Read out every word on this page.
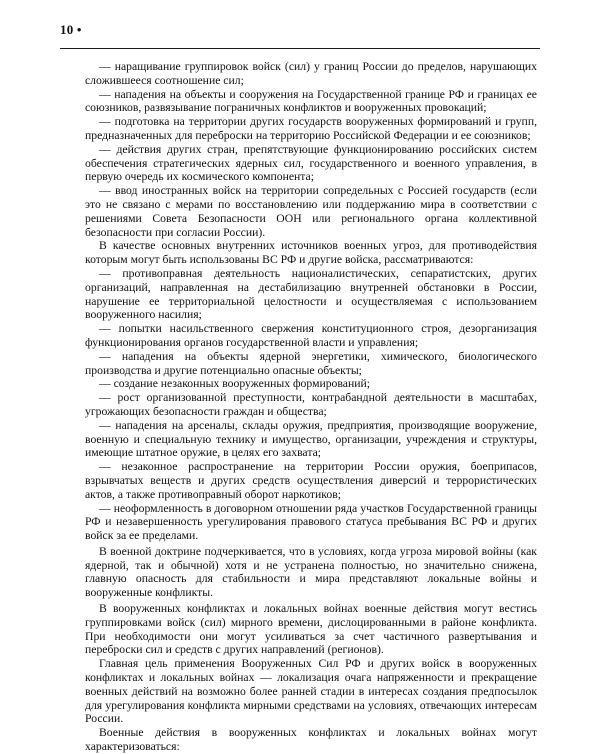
10 •

— наращивание группировок войск (сил) у границ России до пределов, нарушающих сложившееся соотношение сил;

— нападения на объекты и сооружения на Государственной границе РФ и границах ее союзников, развязывание пограничных конфликтов и вооруженных провокаций;

— подготовка на территории других государств вооруженных формирований и групп, предназначенных для переброски на территорию Российской Федерации и ее союзников;

— действия других стран, препятствующие функционированию российских систем обеспечения стратегических ядерных сил, государственного и военного управления, в первую очередь их космического компонента;

— ввод иностранных войск на территории сопредельных с Россией государств (если это не связано с мерами по восстановлению или поддержанию мира в соответствии с решениями Совета Безопасности ООН или регионального органа коллективной безопасности при согласии России).

В качестве основных внутренних источников военных угроз, для противодействия которым могут быть использованы ВС РФ и другие войска, рассматриваются:

— противоправная деятельность националистических, сепаратистских, других организаций, направленная на дестабилизацию внутренней обстановки в России, нарушение ее территориальной целостности и осуществляемая с использованием вооруженного насилия;

— попытки насильственного свержения конституционного строя, дезорганизация функционирования органов государственной власти и управления;

— нападения на объекты ядерной энергетики, химического, биологического производства и другие потенциально опасные объекты;

— создание незаконных вооруженных формирований;

— рост организованной преступности, контрабандной деятельности в масштабах, угрожающих безопасности граждан и общества;

— нападения на арсеналы, склады оружия, предприятия, производящие вооружение, военную и специальную технику и имущество, организации, учреждения и структуры, имеющие штатное оружие, в целях его захвата;

— незаконное распространение на территории России оружия, боеприпасов, взрывчатых веществ и других средств осуществления диверсий и террористических актов, а также противоправный оборот наркотиков;

— неоформленность в договорном отношении ряда участков Государственной границы РФ и незавершенность урегулирования правового статуса пребывания ВС РФ и других войск за ее пределами.

В военной доктрине подчеркивается, что в условиях, когда угроза мировой войны (как ядерной, так и обычной) хотя и не устранена полностью, но значительно снижена, главную опасность для стабильности и мира представляют локальные войны и вооруженные конфликты.

В вооруженных конфликтах и локальных войнах военные действия могут вестись группировками войск (сил) мирного времени, дислоцированными в районе конфликта. При необходимости они могут усиливаться за счет частичного развертывания и переброски сил и средств с других направлений (регионов).

Главная цель применения Вооруженных Сил РФ и других войск в вооруженных конфликтах и локальных войнах — локализация очага напряженности и прекращение военных действий на возможно более ранней стадии в интересах создания предпосылок для урегулирования конфликта мирными средствами на условиях, отвечающих интересам России.

Военные действия в вооруженных конфликтах и локальных войнах могут характеризоваться:
